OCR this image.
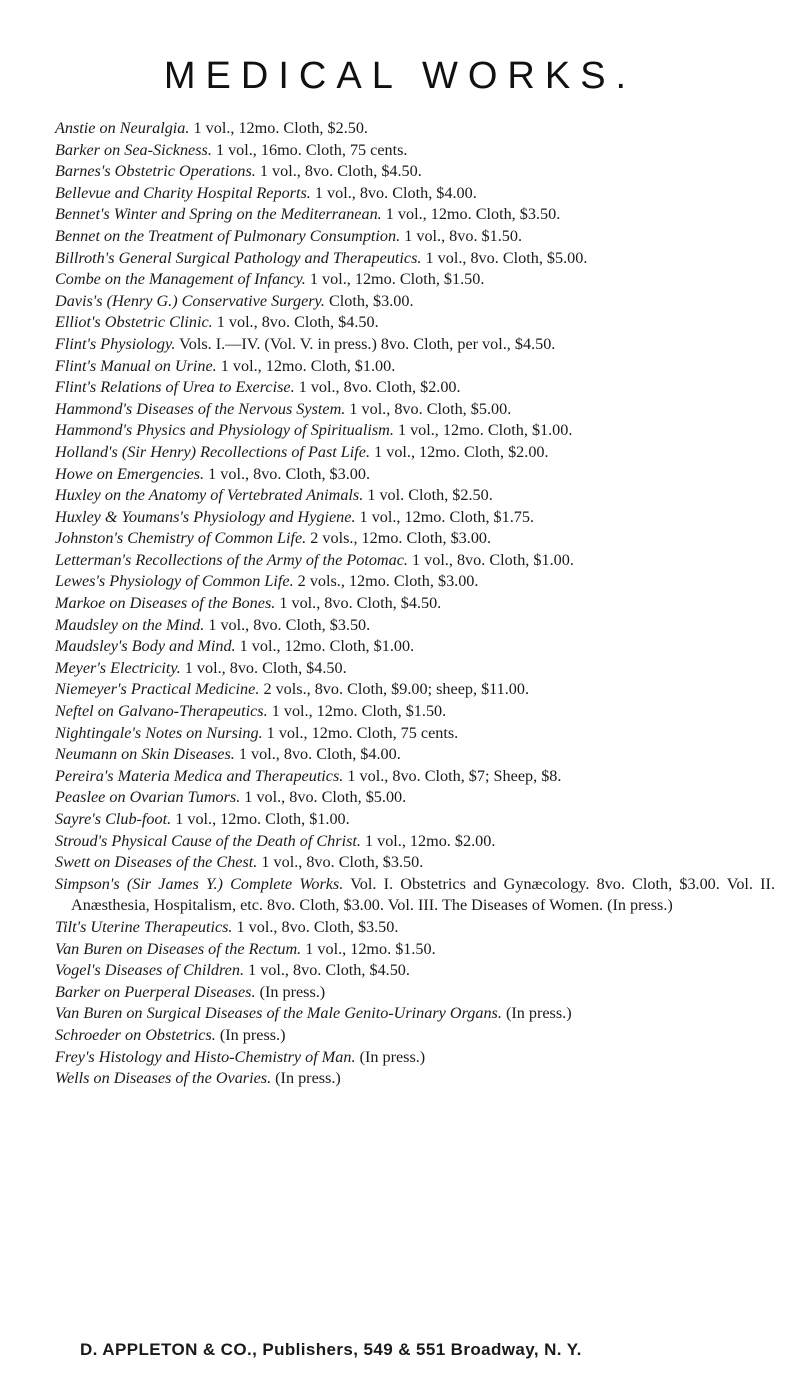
MEDICAL WORKS.
Anstie on Neuralgia. 1 vol., 12mo. Cloth, $2.50.
Barker on Sea-Sickness. 1 vol., 16mo. Cloth, 75 cents.
Barnes's Obstetric Operations. 1 vol., 8vo. Cloth, $4.50.
Bellevue and Charity Hospital Reports. 1 vol., 8vo. Cloth, $4.00.
Bennet's Winter and Spring on the Mediterranean. 1 vol., 12mo. Cloth, $3.50.
Bennet on the Treatment of Pulmonary Consumption. 1 vol., 8vo. $1.50.
Billroth's General Surgical Pathology and Therapeutics. 1 vol., 8vo. Cloth, $5.00.
Combe on the Management of Infancy. 1 vol., 12mo. Cloth, $1.50.
Davis's (Henry G.) Conservative Surgery. Cloth, $3.00.
Elliot's Obstetric Clinic. 1 vol., 8vo. Cloth, $4.50.
Flint's Physiology. Vols. I.—IV. (Vol. V. in press.) 8vo. Cloth, per vol., $4.50.
Flint's Manual on Urine. 1 vol., 12mo. Cloth, $1.00.
Flint's Relations of Urea to Exercise. 1 vol., 8vo. Cloth, $2.00.
Hammond's Diseases of the Nervous System. 1 vol., 8vo. Cloth, $5.00.
Hammond's Physics and Physiology of Spiritualism. 1 vol., 12mo. Cloth, $1.00.
Holland's (Sir Henry) Recollections of Past Life. 1 vol., 12mo. Cloth, $2.00.
Howe on Emergencies. 1 vol., 8vo. Cloth, $3.00.
Huxley on the Anatomy of Vertebrated Animals. 1 vol. Cloth, $2.50.
Huxley & Youmans's Physiology and Hygiene. 1 vol., 12mo. Cloth, $1.75.
Johnston's Chemistry of Common Life. 2 vols., 12mo. Cloth, $3.00.
Letterman's Recollections of the Army of the Potomac. 1 vol., 8vo. Cloth, $1.00.
Lewes's Physiology of Common Life. 2 vols., 12mo. Cloth, $3.00.
Markoe on Diseases of the Bones. 1 vol., 8vo. Cloth, $4.50.
Maudsley on the Mind. 1 vol., 8vo. Cloth, $3.50.
Maudsley's Body and Mind. 1 vol., 12mo. Cloth, $1.00.
Meyer's Electricity. 1 vol., 8vo. Cloth, $4.50.
Niemeyer's Practical Medicine. 2 vols., 8vo. Cloth, $9.00; sheep, $11.00.
Neftel on Galvano-Therapeutics. 1 vol., 12mo. Cloth, $1.50.
Nightingale's Notes on Nursing. 1 vol., 12mo. Cloth, 75 cents.
Neumann on Skin Diseases. 1 vol., 8vo. Cloth, $4.00.
Pereira's Materia Medica and Therapeutics. 1 vol., 8vo. Cloth, $7; Sheep, $8.
Peaslee on Ovarian Tumors. 1 vol., 8vo. Cloth, $5.00.
Sayre's Club-foot. 1 vol., 12mo. Cloth, $1.00.
Stroud's Physical Cause of the Death of Christ. 1 vol., 12mo. $2.00.
Swett on Diseases of the Chest. 1 vol., 8vo. Cloth, $3.50.
Simpson's (Sir James Y.) Complete Works. Vol. I. Obstetrics and Gynæcology. 8vo. Cloth, $3.00. Vol. II. Anæsthesia, Hospitalism, etc. 8vo. Cloth, $3.00. Vol. III. The Diseases of Women. (In press.)
Tilt's Uterine Therapeutics. 1 vol., 8vo. Cloth, $3.50.
Van Buren on Diseases of the Rectum. 1 vol., 12mo. $1.50.
Vogel's Diseases of Children. 1 vol., 8vo. Cloth, $4.50.
Barker on Puerperal Diseases. (In press.)
Van Buren on Surgical Diseases of the Male Genito-Urinary Organs. (In press.)
Schroeder on Obstetrics. (In press.)
Frey's Histology and Histo-Chemistry of Man. (In press.)
Wells on Diseases of the Ovaries. (In press.)

D. APPLETON & CO., Publishers, 549 & 551 Broadway, N. Y.
